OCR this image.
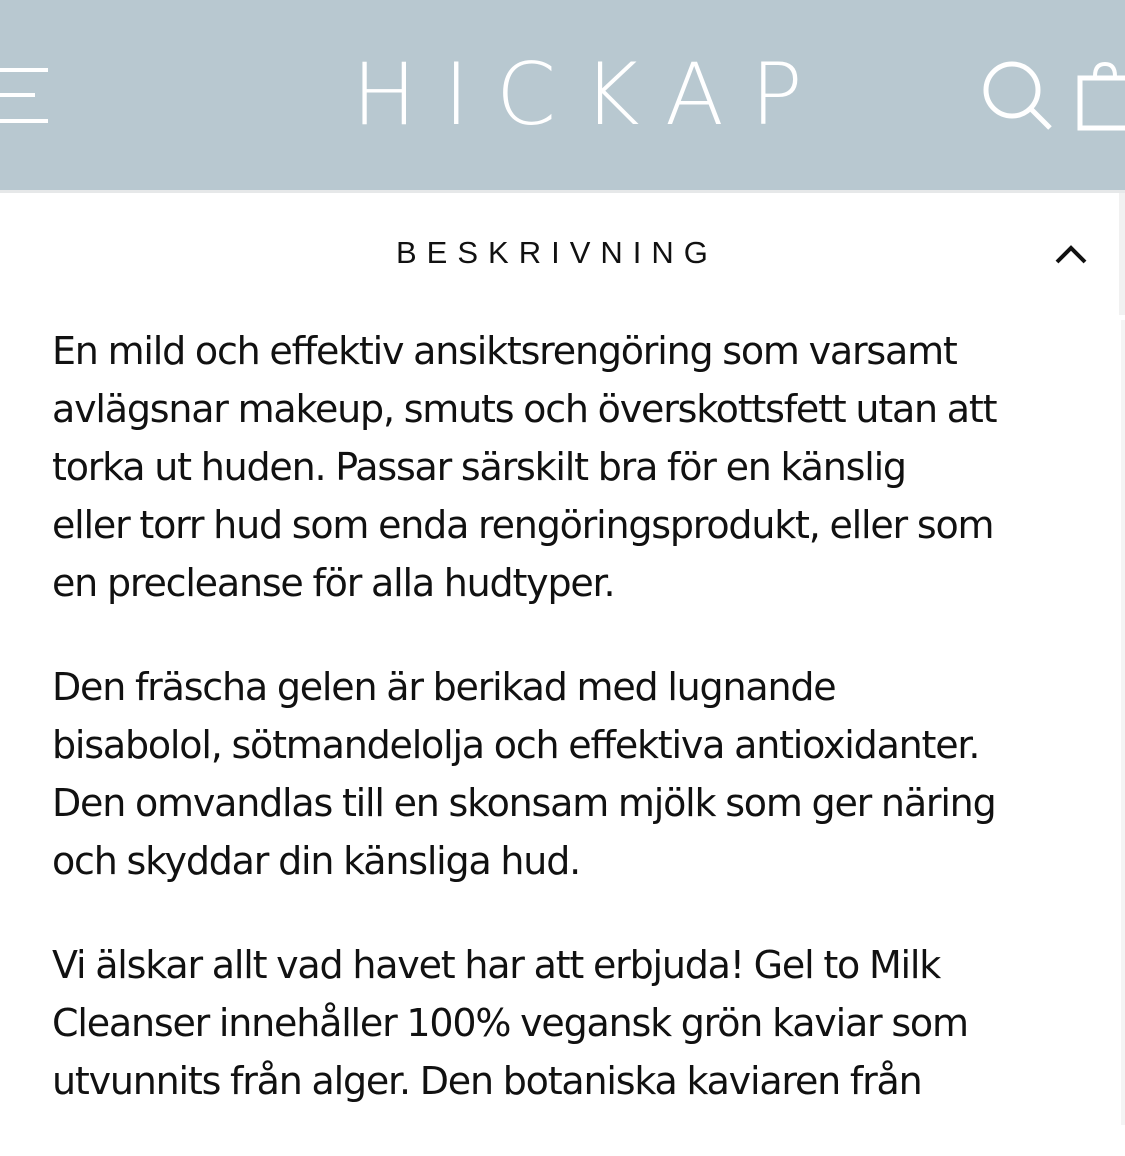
HICKAP
BESKRIVNING

En mild och effektiv ansiktsrengöring som varsamt
avlägsnar makeup, smuts och överskottsfett utan att
torka ut huden. Passar särskilt bra för en känslig
eller torr hud som enda rengöringsprodukt, eller som
en precleanse för alla hudtyper.

Den fräscha gelen är berikad med lugnande
bisabolol, sötmandelolja och effektiva antioxidanter.
Den omvandlas till en skonsam mjölk som ger näring
och skyddar din känsliga hud.

Vi älskar allt vad havet har att erbjuda! Gel to Milk
Cleanser innehåller 100% vegansk grön kaviar som
utvunnits från alger. Den botaniska kaviaren från
